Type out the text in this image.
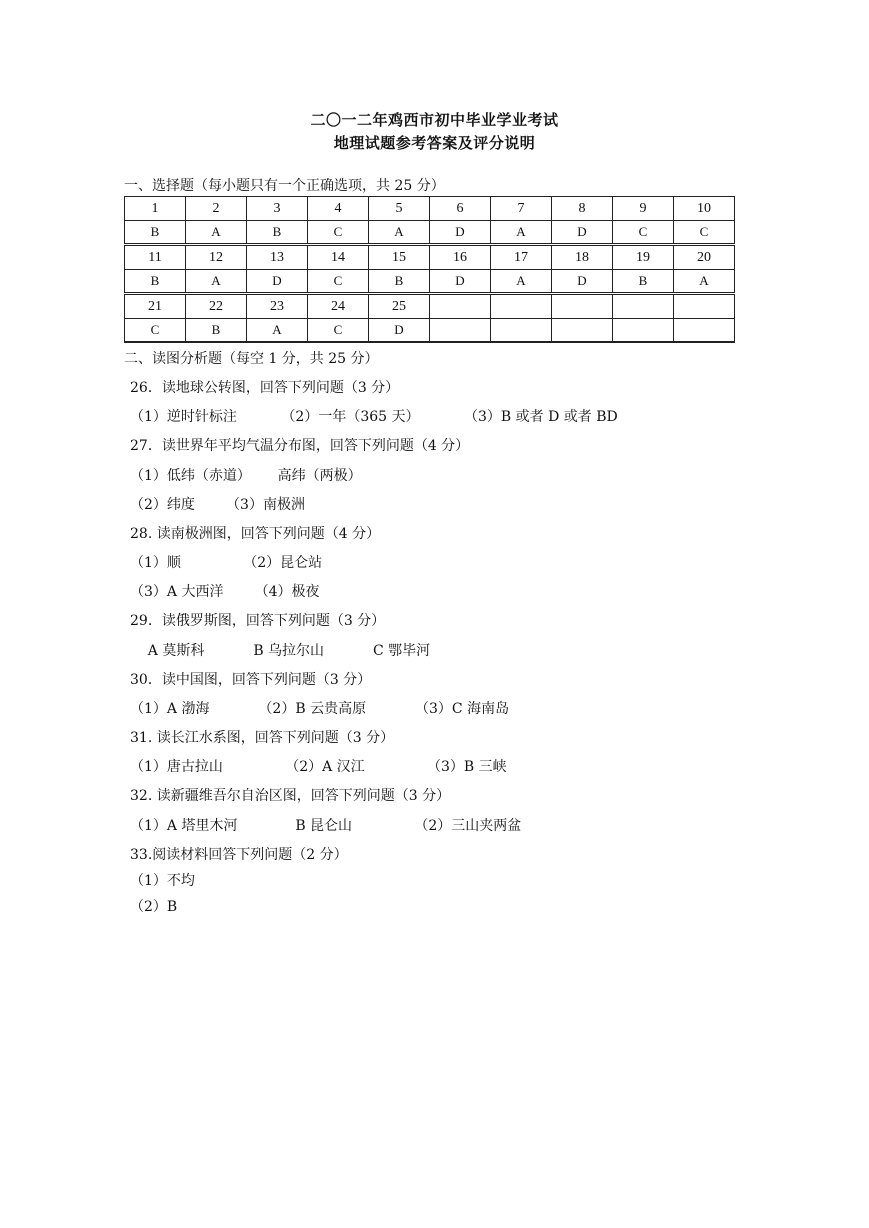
二〇一二年鸡西市初中毕业学业考试
地理试题参考答案及评分说明
一、选择题（每小题只有一个正确选项，共 25 分）
1	2	3	4	5	6	7	8	9	10
B	A	B	C	A	D	A	D	C	C
11	12	13	14	15	16	17	18	19	20
B	A	D	C	B	D	A	D	B	A
21	22	23	24	25					
C	B	A	C	D					
二、读图分析题（每空 1 分，共 25 分）
26．读地球公转图，回答下列问题（3 分）
（1）逆时针标注          （2）一年（365 天）          （3）B 或者 D 或者 BD
27．读世界年平均气温分布图，回答下列问题（4 分）
（1）低纬（赤道）      高纬（两极）
（2）纬度       （3）南极洲
28. 读南极洲图，回答下列问题（4 分）
（1）顺              （2）昆仑站
（3）A 大西洋       （4）极夜
29．读俄罗斯图，回答下列问题（3 分）
A 莫斯科           B 乌拉尔山           C 鄂毕河
30．读中国图，回答下列问题（3 分）
（1）A 渤海           （2）B 云贵高原           （3）C 海南岛
31. 读长江水系图，回答下列问题（3 分）
（1）唐古拉山              （2）A 汉江              （3）B 三峡
32. 读新疆维吾尔自治区图，回答下列问题（3 分）
（1）A 塔里木河             B 昆仑山              （2）三山夹两盆
33.阅读材料回答下列问题（2 分）
（1）不均
（2）B
